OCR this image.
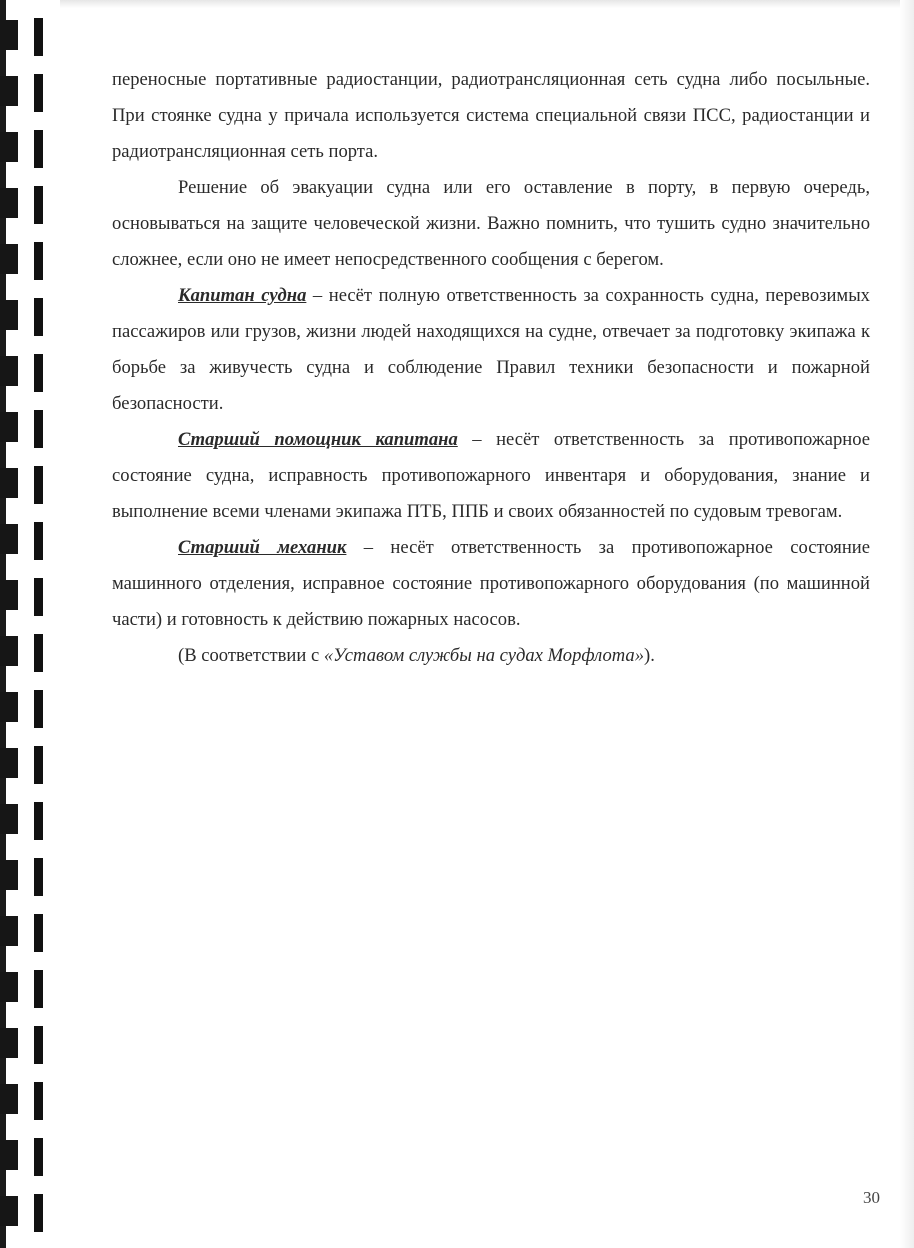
переносные портативные радиостанции, радиотрансляционная сеть судна либо посыльные. При стоянке судна у причала используется система специальной связи ПСС, радиостанции и радиотрансляционная сеть порта.

Решение об эвакуации судна или его оставление в порту, в первую очередь, основываться на защите человеческой жизни. Важно помнить, что тушить судно значительно сложнее, если оно не имеет непосредственного сообщения с берегом.

Капитан судна – несёт полную ответственность за сохранность судна, перевозимых пассажиров или грузов, жизни людей находящихся на судне, отвечает за подготовку экипажа к борьбе за живучесть судна и соблюдение Правил техники безопасности и пожарной безопасности.

Старший помощник капитана – несёт ответственность за противопожарное состояние судна, исправность противопожарного инвентаря и оборудования, знание и выполнение всеми членами экипажа ПТБ, ППБ и своих обязанностей по судовым тревогам.

Старший механик – несёт ответственность за противопожарное состояние машинного отделения, исправное состояние противопожарного оборудования (по машинной части) и готовность к действию пожарных насосов.

(В соответствии с «Уставом службы на судах Морфлота»).

30
